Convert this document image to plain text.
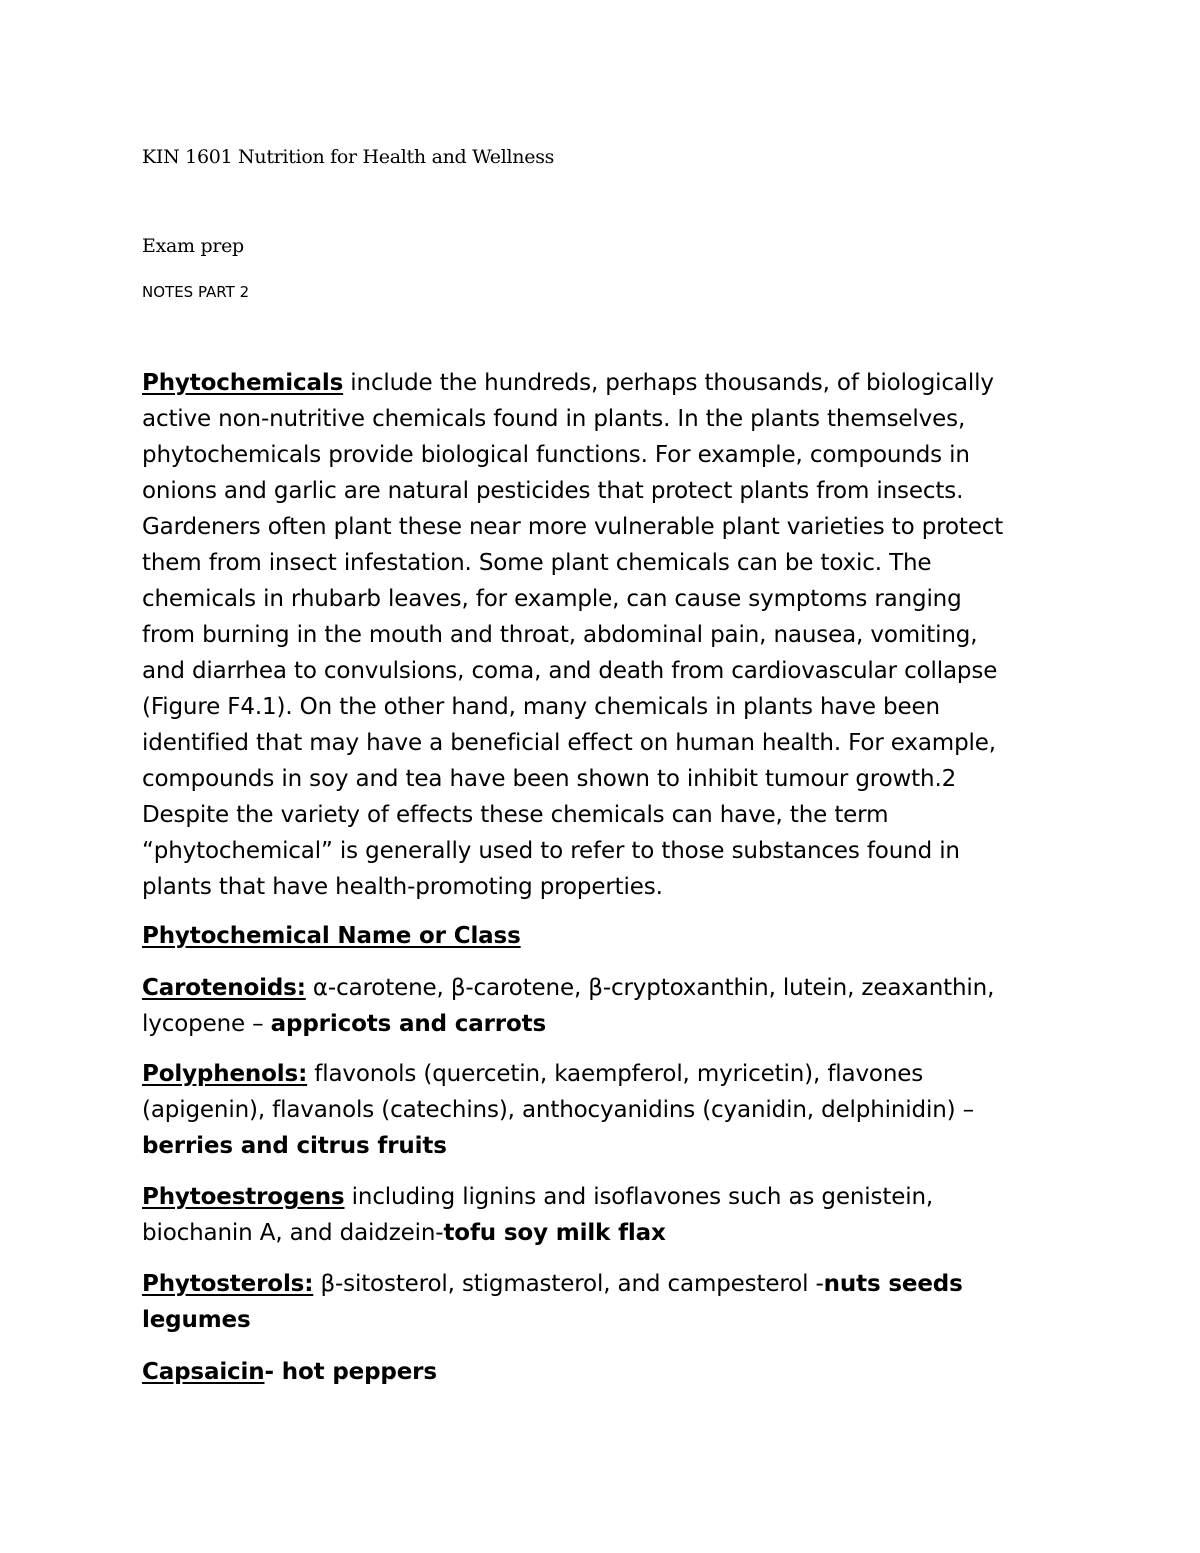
KIN 1601 Nutrition for Health and Wellness
Exam prep
NOTES PART 2

Phytochemicals include the hundreds, perhaps thousands, of biologically
active non-nutritive chemicals found in plants. In the plants themselves,
phytochemicals provide biological functions. For example, compounds in
onions and garlic are natural pesticides that protect plants from insects.
Gardeners often plant these near more vulnerable plant varieties to protect
them from insect infestation. Some plant chemicals can be toxic. The
chemicals in rhubarb leaves, for example, can cause symptoms ranging
from burning in the mouth and throat, abdominal pain, nausea, vomiting,
and diarrhea to convulsions, coma, and death from cardiovascular collapse
(Figure F4.1). On the other hand, many chemicals in plants have been
identified that may have a beneficial effect on human health. For example,
compounds in soy and tea have been shown to inhibit tumour growth.2
Despite the variety of effects these chemicals can have, the term
“phytochemical” is generally used to refer to those substances found in
plants that have health-promoting properties.

Phytochemical Name or Class

Carotenoids: α-carotene, β-carotene, β-cryptoxanthin, lutein, zeaxanthin,
lycopene – appricots and carrots

Polyphenols: flavonols (quercetin, kaempferol, myricetin), flavones
(apigenin), flavanols (catechins), anthocyanidins (cyanidin, delphinidin) –
berries and citrus fruits

Phytoestrogens including lignins and isoflavones such as genistein,
biochanin A, and daidzein-tofu soy milk flax

Phytosterols: β-sitosterol, stigmasterol, and campesterol -nuts seeds
legumes

Capsaicin- hot peppers
